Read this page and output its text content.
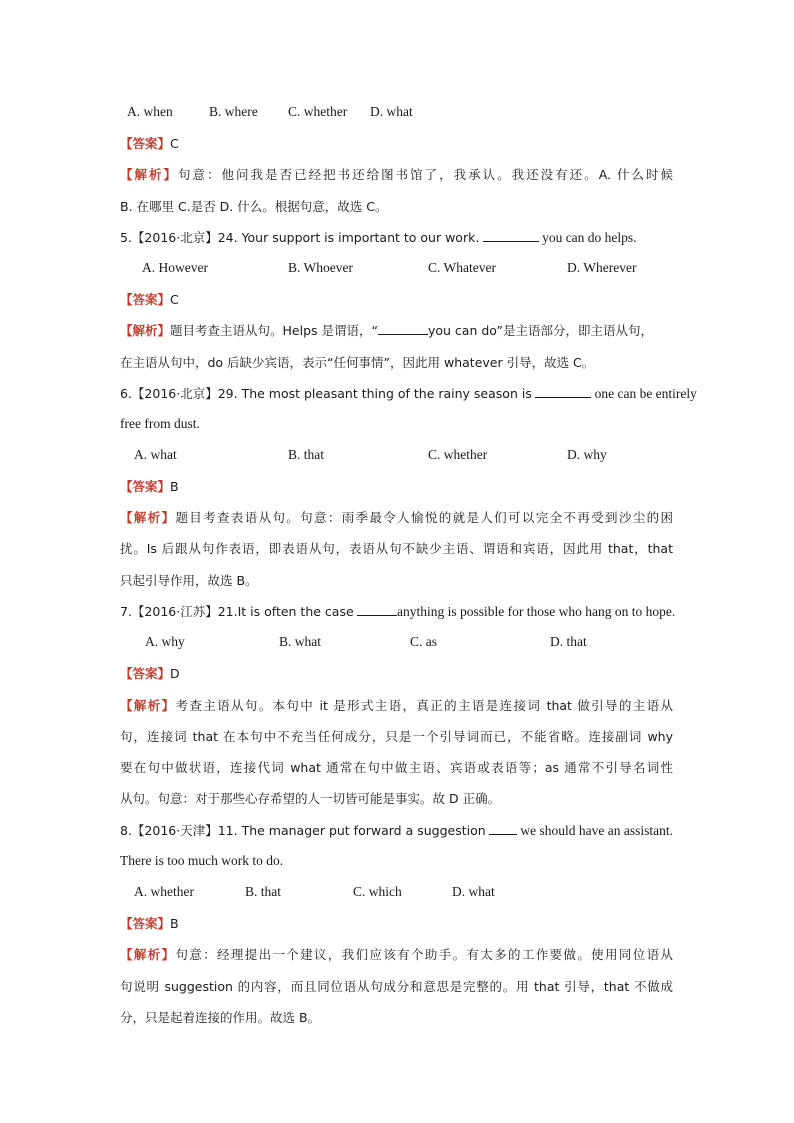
A. when	B. where C. whether D. what
【答案】C
【解析】句意：他问我是否已经把书还给图书馆了，我承认。我还没有还。A. 什么时候
B. 在哪里 C.是否 D. 什么。根据句意，故选 C。
5.【2016·北京】24. Your support is important to our work.	you can do helps.
A. However	B. Whoever	C. Whatever	D. Wherever
【答案】C
【解析】题目考查主语从句。Helps 是谓语，“	you can do”是主语部分，即主语从句，
在主语从句中，do 后缺少宾语，表示“任何事情”，因此用 whatever 引导，故选 C。
6.【2016·北京】29. The most pleasant thing of the rainy season is	one can be entirely
free from dust.
A. what	B. that	C. whether	D. why
【答案】B
【解析】题目考查表语从句。句意：雨季最令人愉悦的就是人们可以完全不再受到沙尘的困
扰。Is 后跟从句作表语，即表语从句，表语从句不缺少主语、谓语和宾语，因此用 that，that
只起引导作用，故选 B。
7.【2016·江苏】21.It is often the case	anything is possible for those who hang on to hope.
A. why	B. what	C. as	D. that
【答案】D
【解析】考查主语从句。本句中 it 是形式主语，真正的主语是连接词 that 做引导的主语从
句，连接词 that 在本句中不充当任何成分，只是一个引导词而已，不能省略。连接副词 why
要在句中做状语，连接代词 what 通常在句中做主语、宾语或表语等；as 通常不引导名词性
从句。句意：对于那些心存希望的人一切皆可能是事实。故 D 正确。
8.【2016·天津】11. The manager put forward a suggestion	we should have an assistant.
There is too much work to do.
A. whether	B. that	C. which	D. what
【答案】B
【解析】句意：经理提出一个建议，我们应该有个助手。有太多的工作要做。使用同位语从
句说明 suggestion 的内容，而且同位语从句成分和意思是完整的。用 that 引导，that 不做成
分，只是起着连接的作用。故选 B。
